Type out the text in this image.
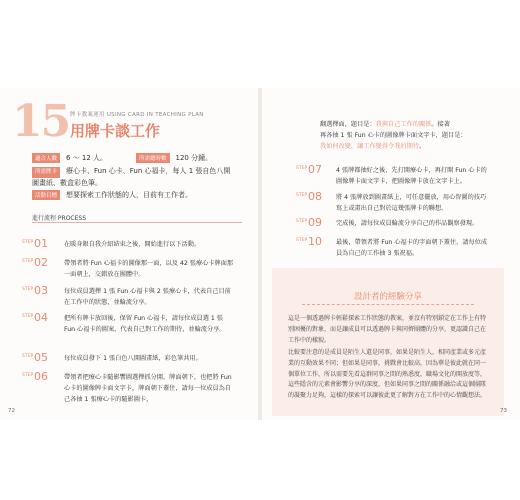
15 牌卡教案運用 USING CARD IN TEACHING PLAN
用牌卡談工作
適合人數 6 ～ 12 人。	所需總時數 120 分鐘。
所需牌卡 療心卡、Fun 心卡、Fun 心福卡，每人 1 張自色八開圖畫紙、數盒彩色筆。
活動目標 想要探索工作狀態的人，目前有工作者。
進行流程 PROCESS
STEP 01	在暖身銀自我介紹結束之後，開始進行以下活動。
STEP 02	帶領者將 Fun 心福卡的圖像那一面，以及 42 張療心卡牌面那一面朝上，交錯放在團體中。
STEP 03	每位成員選擇 1 張 Fun 心福卡與 2 張療心卡，代表自己目前在工作中的狀態，並輪流分享。
STEP 04	把所有牌卡放回後，保留 Fun 心福卡，請每位成員選 1 張 Fun 心福卡的圖案，代表自己對工作的期待，並輪流分享。
STEP 05	每位成員發下 1 張白色八開圖畫紙，彩色筆共用。
STEP 06	帶領者把療心卡隨影響圖選擇抓分開，牌面朝下，也把將 Fun 心卡的圖像牌卡面文字卡，牌面朝下蓋住，請每一位成員為自己各抽 1 張療心卡的隨影圖卡，
翻選擇面，題目是：我與自己工作的關係。接著
再各抽 1 張 Fun 心卡的圖像牌卡面文字卡，題目是：
我如何改變，讓工作變得令我的期待。
STEP 07 4 張牌都抽好之後，先打開療心卡，再打開 Fun 心卡的圖像牌卡面文字卡，把圖像牌卡放在文字卡上。
STEP 08 將 4 張牌放到圖畫紙上，可任意擺放，用心智圖的技巧寫上或畫出自己對於這幾張牌卡的聯想。
STEP 09 完成後，請每位成員輪流分享自己的作品觀察發現。
STEP 10 最後，帶領者將 Fun 心福卡的字面朝下蓋住，請每位成員為自己的工作抽 3 張祝福。
設計者的經驗分享
這是一個透過牌卡輕鬆探索工作狀態的教案，並沒有特別鎖定在工作上有特別困擾的對象，而是讓成員可以透過牌卡與同儕團體的分享，更認識自己在工作中的樣貌。
比較要注意的是成員是陌生人還是同事，如果是陌生人，相同產業或多元產業的互動效果不同；但如果是同事，挑戰會比較高，因為華是彼此就在同一個單位工作，所以需要先看這群同事之間的熟悉度，職場文化的開放度等，這些隱含的元素會影響分享的深度，但如果同事之間的關係融洽或這個團隊的凝聚力足夠，這樣的探索可以讓彼此更了解對方在工作中的心情觀想法。
72	73
